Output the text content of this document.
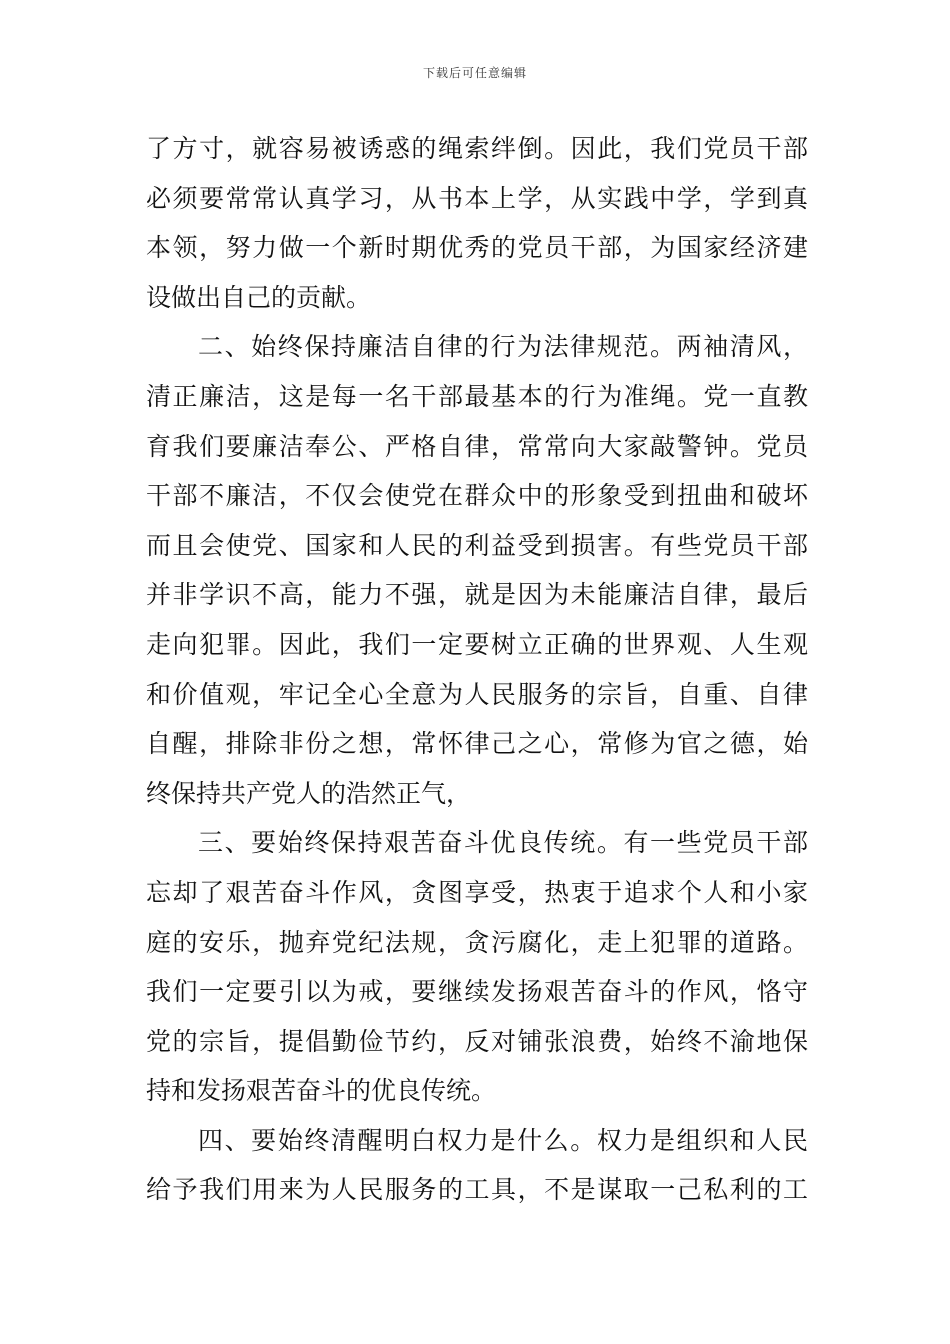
下载后可任意编辑
了方寸，就容易被诱惑的绳索绊倒。因此，我们党员干部
必须要常常认真学习，从书本上学，从实践中学，学到真
本领，努力做一个新时期优秀的党员干部，为国家经济建
设做出自己的贡献。
二、始终保持廉洁自律的行为法律规范。两袖清风，
清正廉洁，这是每一名干部最基本的行为准绳。党一直教
育我们要廉洁奉公、严格自律，常常向大家敲警钟。党员
干部不廉洁，不仅会使党在群众中的形象受到扭曲和破坏
而且会使党、国家和人民的利益受到损害。有些党员干部
并非学识不高，能力不强，就是因为未能廉洁自律，最后
走向犯罪。因此，我们一定要树立正确的世界观、人生观
和价值观，牢记全心全意为人民服务的宗旨，自重、自律
自醒，排除非份之想，常怀律己之心，常修为官之德，始
终保持共产党人的浩然正气，
三、要始终保持艰苦奋斗优良传统。有一些党员干部
忘却了艰苦奋斗作风，贪图享受，热衷于追求个人和小家
庭的安乐，抛弃党纪法规，贪污腐化，走上犯罪的道路。
我们一定要引以为戒，要继续发扬艰苦奋斗的作风，恪守
党的宗旨，提倡勤俭节约，反对铺张浪费，始终不渝地保
持和发扬艰苦奋斗的优良传统。
四、要始终清醒明白权力是什么。权力是组织和人民
给予我们用来为人民服务的工具，不是谋取一己私利的工
